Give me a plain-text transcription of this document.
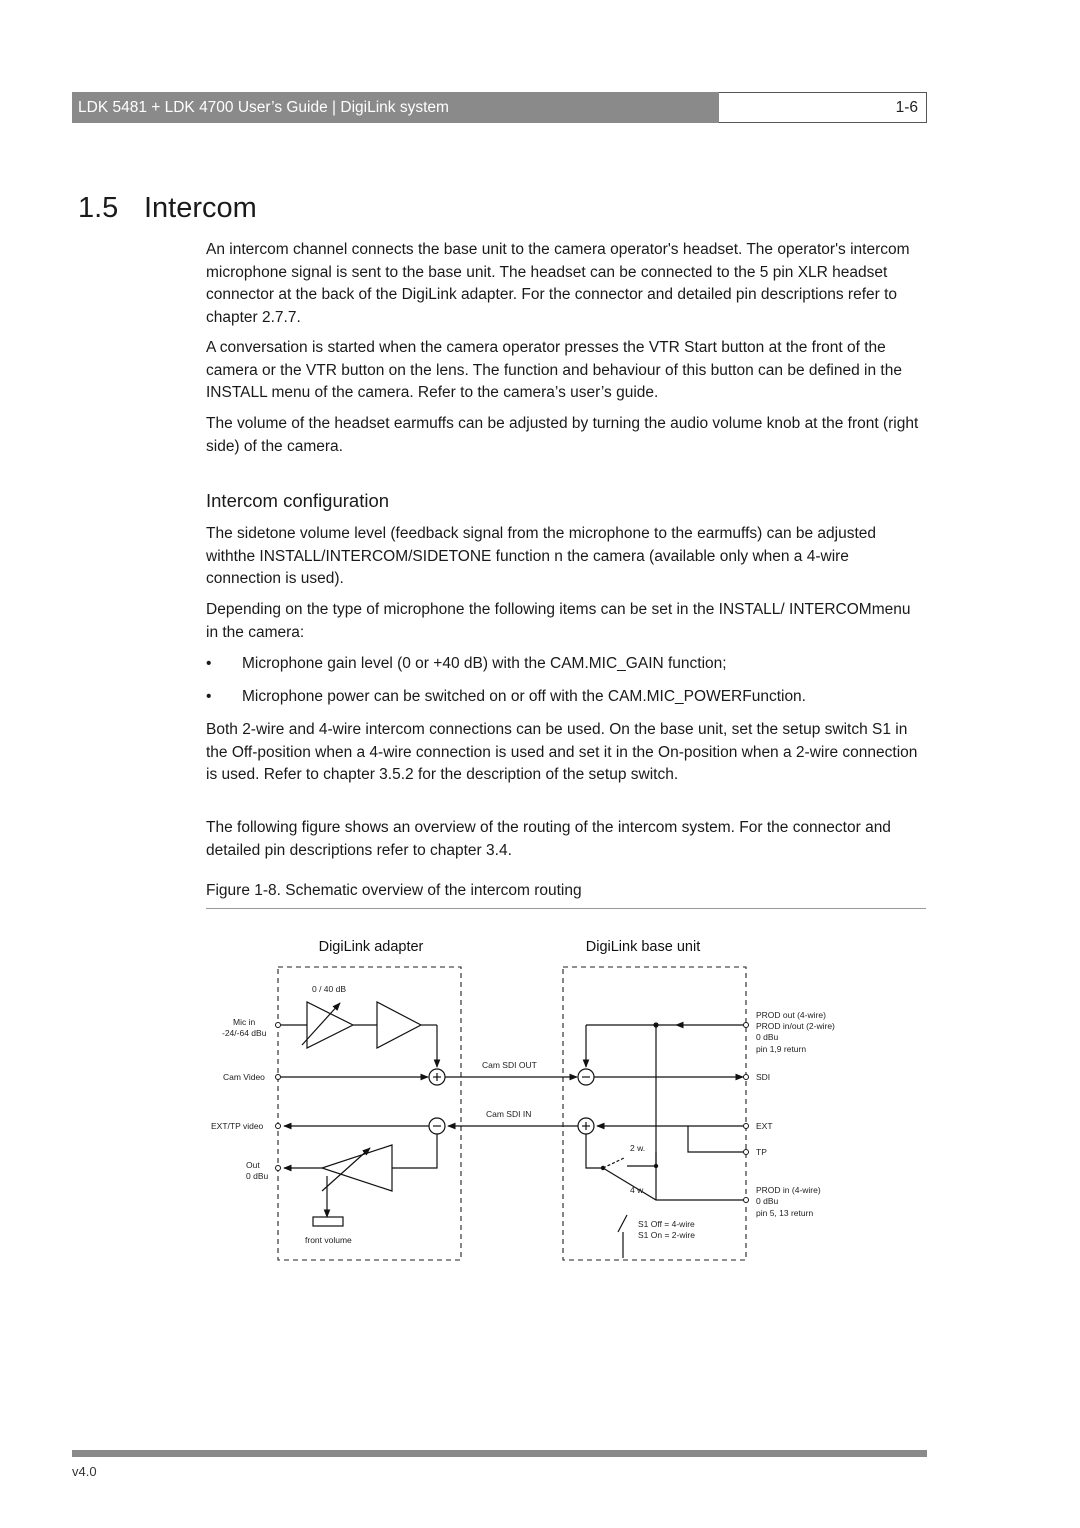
LDK 5481 + LDK 4700 User’s Guide | DigiLink system	1-6
1.5 Intercom

An intercom channel connects the base unit to the camera operator's headset. The operator's intercom microphone signal is sent to the base unit. The headset can be connected to the 5 pin XLR headset connector at the back of the DigiLink adapter. For the connector and detailed pin descriptions refer to chapter 2.7.7.

A conversation is started when the camera operator presses the VTR Start button at the front of the camera or the VTR button on the lens. The function and behaviour of this button can be defined in the INSTALL menu of the camera. Refer to the camera’s user’s guide.

The volume of the headset earmuffs can be adjusted by turning the audio volume knob at the front (right side) of the camera.

Intercom configuration

The sidetone volume level (feedback signal from the microphone to the earmuffs) can be adjusted withthe INSTALL/INTERCOM/SIDETONE function n the camera (available only when a 4-wire connection is used).

Depending on the type of microphone the following items can be set in the INSTALL/ INTERCOMmenu in the camera:

• Microphone gain level (0 or +40 dB) with the CAM.MIC_GAIN function;
• Microphone power can be switched on or off with the CAM.MIC_POWERFunction.

Both 2-wire and 4-wire intercom connections can be used. On the base unit, set the setup switch S1 in the Off-position when a 4-wire connection is used and set it in the On-position when a 2-wire connection is used. Refer to chapter 3.5.2 for the description of the setup switch.

The following figure shows an overview of the routing of the intercom system. For the connector and detailed pin descriptions refer to chapter 3.4.

Figure 1-8. Schematic overview of the intercom routing
DigiLink adapter	DigiLink base unit
0 / 40 dB
Mic in
-24/-64 dBu
Cam Video
EXT/TP video
Out
0 dBu
Cam SDI OUT
Cam SDI IN
PROD out (4-wire)
PROD in/out (2-wire)
0 dBu
pin 1,9 return
SDI
EXT
TP
PROD in (4-wire)
0 dBu
pin 5, 13 return
2 w.
4 w.
S1 Off = 4-wire
S1 On = 2-wire
front volume
v4.0
